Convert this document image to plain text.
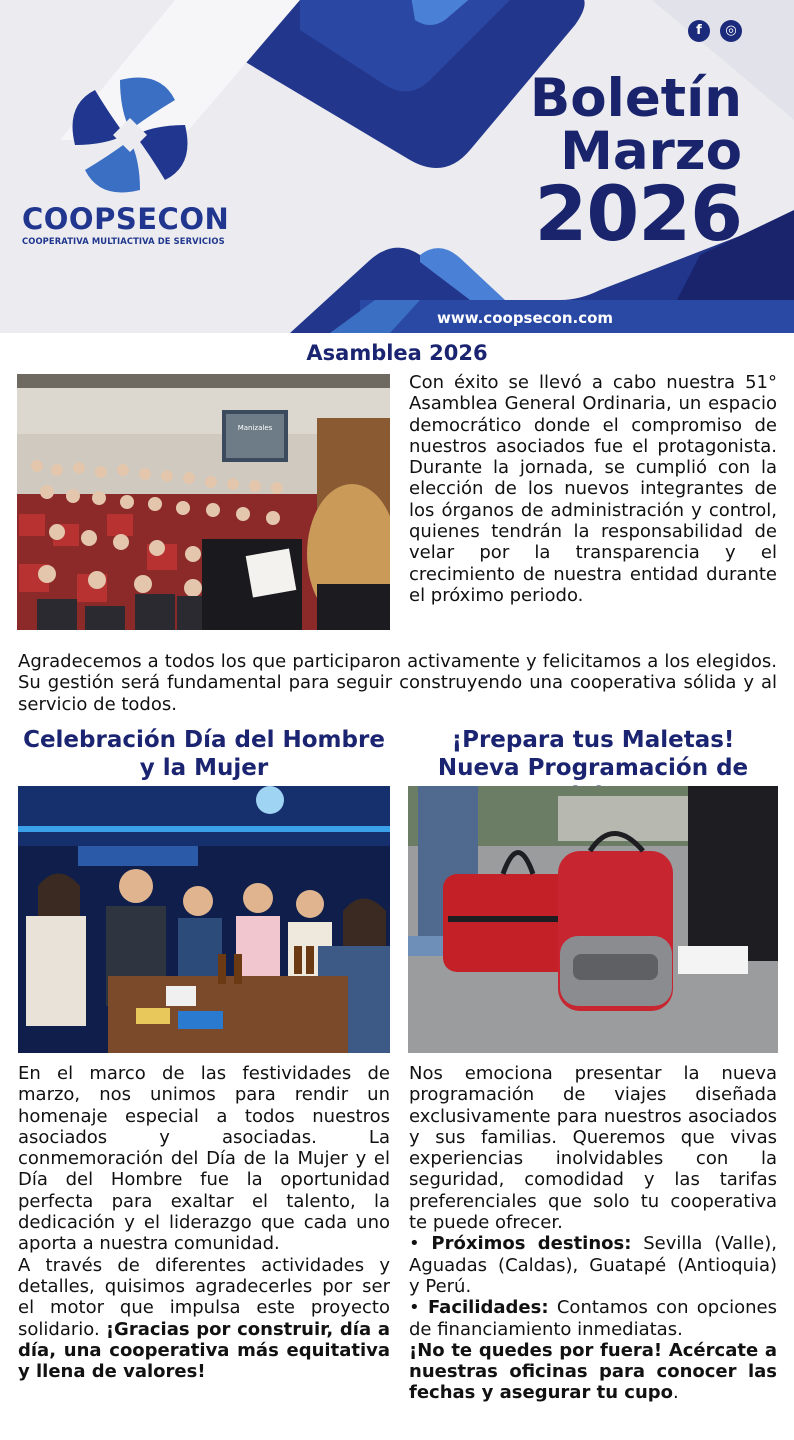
f	◎
COOPSECON
COOPERATIVA MULTIACTIVA DE SERVICIOS
Boletín
Marzo
2026
www.coopsecon.com
Asamblea 2026
Manizales
Con éxito se llevó a cabo nuestra 51° Asamblea General Ordinaria, un espacio democrático donde el compromiso de nuestros asociados fue el protagonista. Durante la jornada, se cumplió con la elección de los nuevos integrantes de los órganos de administración y control, quienes tendrán la responsabilidad de velar por la transparencia y el crecimiento de nuestra entidad durante el próximo periodo.
Agradecemos a todos los que participaron activamente y felicitamos a los elegidos. Su gestión será fundamental para seguir construyendo una cooperativa sólida y al servicio de todos.
Celebración Día del Hombre y la Mujer
¡Prepara tus Maletas! Nueva Programación de
En el marco de las festividades de marzo, nos unimos para rendir un homenaje especial a todos nuestros asociados y asociadas. La conmemoración del Día de la Mujer y el Día del Hombre fue la oportunidad perfecta para exaltar el talento, la dedicación y el liderazgo que cada uno aporta a nuestra comunidad.
A través de diferentes actividades y detalles, quisimos agradecerles por ser el motor que impulsa este proyecto solidario. ¡Gracias por construir, día a día, una cooperativa más equitativa y llena de valores!
Nos emociona presentar la nueva programación de viajes diseñada exclusivamente para nuestros asociados y sus familias. Queremos que vivas experiencias inolvidables con la seguridad, comodidad y las tarifas preferenciales que solo tu cooperativa te puede ofrecer.
• Próximos destinos: Sevilla (Valle), Aguadas (Caldas), Guatapé (Antioquia) y Perú.
• Facilidades: Contamos con opciones de financiamiento inmediatas.
¡No te quedes por fuera! Acércate a nuestras oficinas para conocer las fechas y asegurar tu cupo.
